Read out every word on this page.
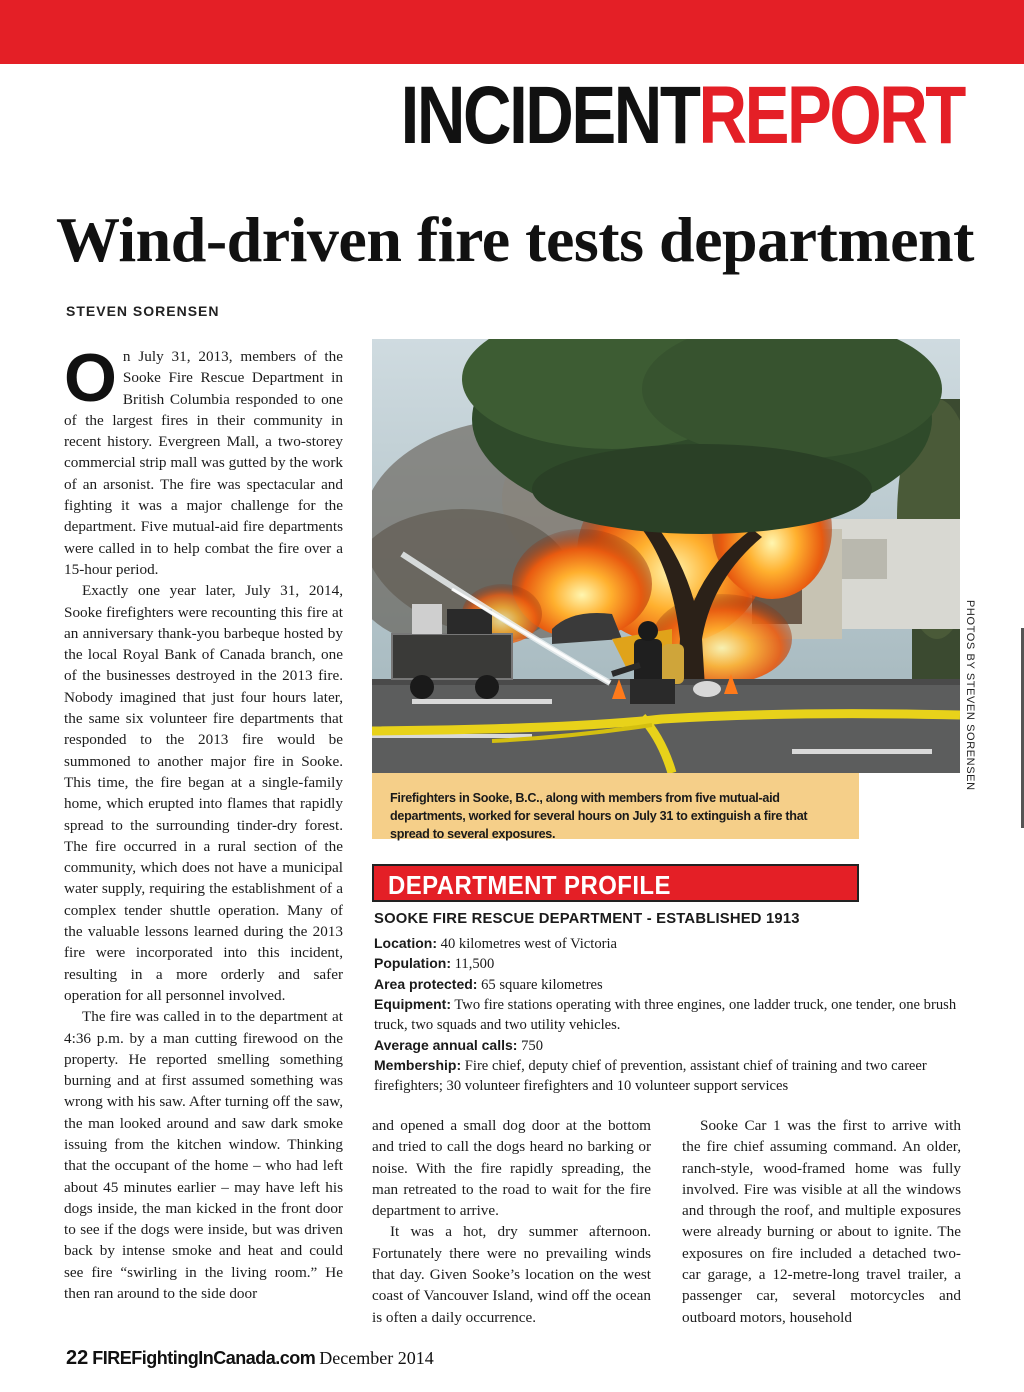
INCIDENTREPORT
Wind-driven fire tests department
STEVEN SORENSEN

On July 31, 2013, members of the Sooke Fire Rescue Department in British Columbia responded to one of the largest fires in their community in recent history. Evergreen Mall, a two-storey commercial strip mall was gutted by the work of an arsonist. The fire was spectacular and fighting it was a major challenge for the department. Five mutual-aid fire departments were called in to help combat the fire over a 15-hour period.

Exactly one year later, July 31, 2014, Sooke firefighters were recounting this fire at an anniversary thank-you barbeque hosted by the local Royal Bank of Canada branch, one of the businesses destroyed in the 2013 fire. Nobody imagined that just four hours later, the same six volunteer fire departments that responded to the 2013 fire would be summoned to another major fire in Sooke. This time, the fire began at a single-family home, which erupted into flames that rapidly spread to the surrounding tinder-dry forest. The fire occurred in a rural section of the community, which does not have a municipal water supply, requiring the establishment of a complex tender shuttle operation. Many of the valuable lessons learned during the 2013 fire were incorporated into this incident, resulting in a more orderly and safer operation for all personnel involved.

The fire was called in to the department at 4:36 p.m. by a man cutting firewood on the property. He reported smelling something burning and at first assumed something was wrong with his saw. After turning off the saw, the man looked around and saw dark smoke issuing from the kitchen window. Thinking that the occupant of the home – who had left about 45 minutes earlier – may have left his dogs inside, the man kicked in the front door to see if the dogs were inside, but was driven back by intense smoke and heat and could see fire “swirling in the living room.” He then ran around to the side door

PHOTOS BY STEVEN SORENSEN
Firefighters in Sooke, B.C., along with members from five mutual-aid departments, worked for several hours on July 31 to extinguish a fire that spread to several exposures.
DEPARTMENT PROFILE
SOOKE FIRE RESCUE DEPARTMENT - ESTABLISHED 1913
Location: 40 kilometres west of Victoria
Population: 11,500
Area protected: 65 square kilometres
Equipment: Two fire stations operating with three engines, one ladder truck, one tender, one brush truck, two squads and two utility vehicles.
Average annual calls: 750
Membership: Fire chief, deputy chief of prevention, assistant chief of training and two career firefighters; 30 volunteer firefighters and 10 volunteer support services

and opened a small dog door at the bottom and tried to call the dogs heard no barking or noise. With the fire rapidly spreading, the man retreated to the road to wait for the fire department to arrive.

It was a hot, dry summer afternoon. Fortunately there were no prevailing winds that day. Given Sooke’s location on the west coast of Vancouver Island, wind off the ocean is often a daily occurrence.

Sooke Car 1 was the first to arrive with the fire chief assuming command. An older, ranch-style, wood-framed home was fully involved. Fire was visible at all the windows and through the roof, and multiple exposures were already burning or about to ignite. The exposures on fire included a detached two-car garage, a 12-metre-long travel trailer, a passenger car, several motorcycles and outboard motors, household

22 FIREFightingInCanada.com December 2014
